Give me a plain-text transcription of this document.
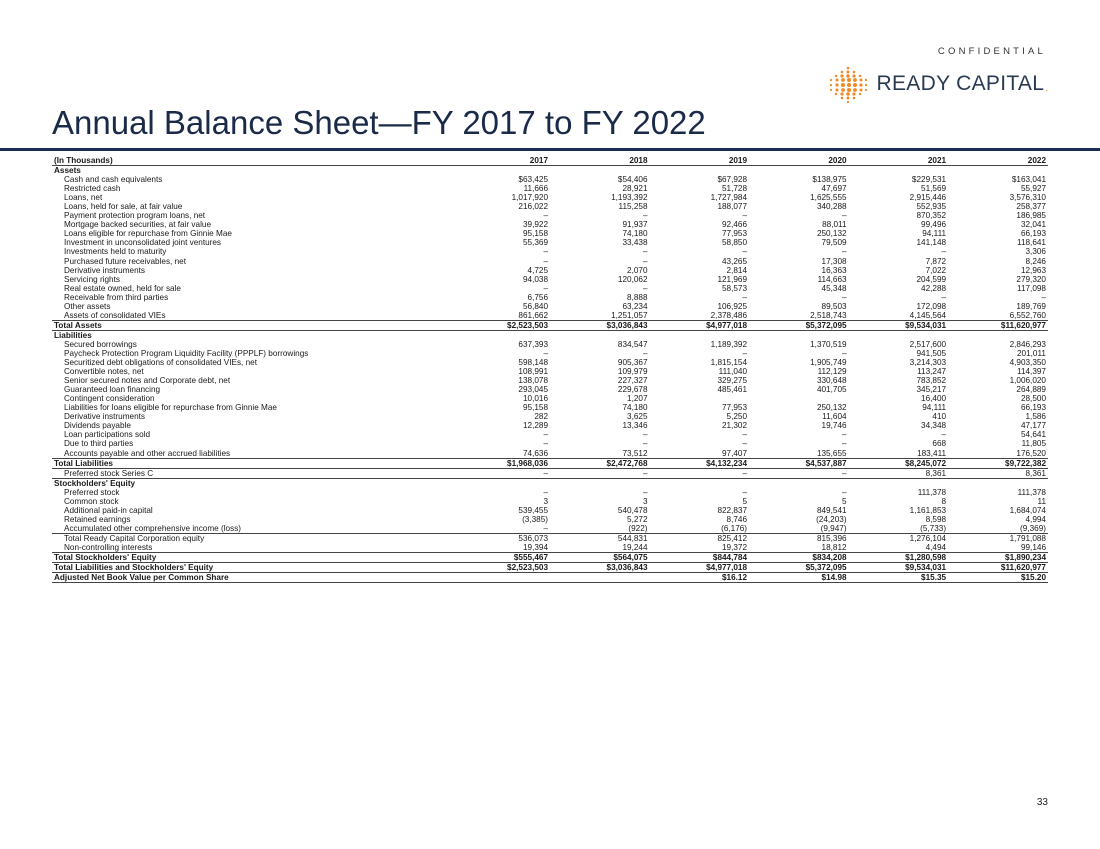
CONFIDENTIAL
READY CAPITAL .
Annual Balance Sheet—FY 2017 to FY 2022
(In Thousands)	2017	2018	2019	2020	2021	2022
Assets						
Cash and cash equivalents	$63,425	$54,406	$67,928	$138,975	$229,531	$163,041
Restricted cash	11,666	28,921	51,728	47,697	51,569	55,927
Loans, net	1,017,920	1,193,392	1,727,984	1,625,555	2,915,446	3,576,310
Loans, held for sale, at fair value	216,022	115,258	188,077	340,288	552,935	258,377
Payment protection program loans, net	–	–	–	–	870,352	186,985
Mortgage backed securities, at fair value	39,922	91,937	92,466	88,011	99,496	32,041
Loans eligible for repurchase from Ginnie Mae	95,158	74,180	77,953	250,132	94,111	66,193
Investment in unconsolidated joint ventures	55,369	33,438	58,850	79,509	141,148	118,641
Investments held to maturity	–	–	–	–	–	3,306
Purchased future receivables, net	–	–	43,265	17,308	7,872	8,246
Derivative instruments	4,725	2,070	2,814	16,363	7,022	12,963
Servicing rights	94,038	120,062	121,969	114,663	204,599	279,320
Real estate owned, held for sale	–	–	58,573	45,348	42,288	117,098
Receivable from third parties	6,756	8,888	–	–	–	–
Other assets	56,840	63,234	106,925	89,503	172,098	189,769
Assets of consolidated VIEs	861,662	1,251,057	2,378,486	2,518,743	4,145,564	6,552,760
Total Assets	$2,523,503	$3,036,843	$4,977,018	$5,372,095	$9,534,031	$11,620,977
Liabilities						
Secured borrowings	637,393	834,547	1,189,392	1,370,519	2,517,600	2,846,293
Paycheck Protection Program Liquidity Facility (PPPLF) borrowings	–	–	–	–	941,505	201,011
Securitized debt obligations of consolidated VIEs, net	598,148	905,367	1,815,154	1,905,749	3,214,303	4,903,350
Convertible notes, net	108,991	109,979	111,040	112,129	113,247	114,397
Senior secured notes and Corporate debt, net	138,078	227,327	329,275	330,648	783,852	1,006,020
Guaranteed loan financing	293,045	229,678	485,461	401,705	345,217	264,889
Contingent consideration	10,016	1,207			16,400	28,500
Liabilities for loans eligible for repurchase from Ginnie Mae	95,158	74,180	77,953	250,132	94,111	66,193
Derivative instruments	282	3,625	5,250	11,604	410	1,586
Dividends payable	12,289	13,346	21,302	19,746	34,348	47,177
Loan participations sold	–	–	–	–	–	54,641
Due to third parties	–	–	–	–	668	11,805
Accounts payable and other accrued liabilities	74,636	73,512	97,407	135,655	183,411	176,520
Total Liabilities	$1,968,036	$2,472,768	$4,132,234	$4,537,887	$8,245,072	$9,722,382
Preferred stock Series C	–	–	–	–	8,361	8,361
Stockholders' Equity						
Preferred stock	–	–	–	–	111,378	111,378
Common stock	3	3	5	5	8	11
Additional paid-in capital	539,455	540,478	822,837	849,541	1,161,853	1,684,074
Retained earnings	(3,385)	5,272	8,746	(24,203)	8,598	4,994
Accumulated other comprehensive income (loss)	–	(922)	(6,176)	(9,947)	(5,733)	(9,369)
Total Ready Capital Corporation equity	536,073	544,831	825,412	815,396	1,276,104	1,791,088
Non-controlling interests	19,394	19,244	19,372	18,812	4,494	99,146
Total Stockholders' Equity	$555,467	$564,075	$844,784	$834,208	$1,280,598	$1,890,234
Total Liabilities and Stockholders' Equity	$2,523,503	$3,036,843	$4,977,018	$5,372,095	$9,534,031	$11,620,977
Adjusted Net Book Value per Common Share			$16.12	$14.98	$15.35	$15.20
33
